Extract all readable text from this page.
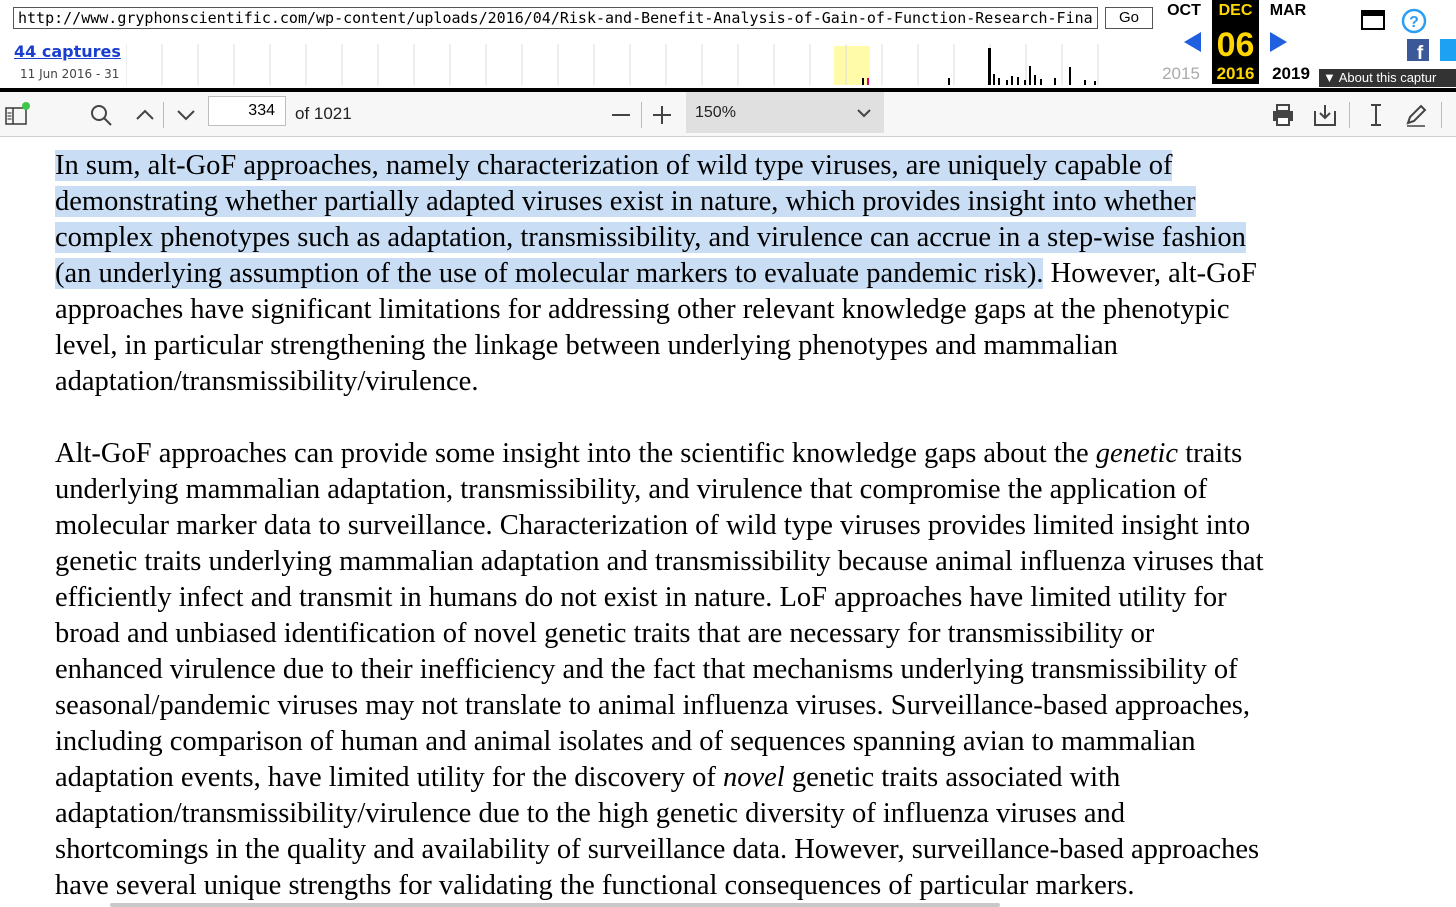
http://www.gryphonscientific.com/wp-content/uploads/2016/04/Risk-and-Benefit-Analysis-of-Gain-of-Function-Research-Fina	Go
44 captures
11 Jun 2016 - 31
OCT	DEC
06
MAR
2015 2016	2019
?
f
▼ About this captur
334	of 1021	150%
In sum, alt-GoF approaches, namely characterization of wild type viruses, are uniquely capable of
demonstrating whether partially adapted viruses exist in nature, which provides insight into whether
complex phenotypes such as adaptation, transmissibility, and virulence can accrue in a step-wise fashion
(an underlying assumption of the use of molecular markers to evaluate pandemic risk). However, alt-GoF
approaches have significant limitations for addressing other relevant knowledge gaps at the phenotypic
level, in particular strengthening the linkage between underlying phenotypes and mammalian
adaptation/transmissibility/virulence.
Alt-GoF approaches can provide some insight into the scientific knowledge gaps about the genetic traits
underlying mammalian adaptation, transmissibility, and virulence that compromise the application of
molecular marker data to surveillance. Characterization of wild type viruses provides limited insight into
genetic traits underlying mammalian adaptation and transmissibility because animal influenza viruses that
efficiently infect and transmit in humans do not exist in nature. LoF approaches have limited utility for
broad and unbiased identification of novel genetic traits that are necessary for transmissibility or
enhanced virulence due to their inefficiency and the fact that mechanisms underlying transmissibility of
seasonal/pandemic viruses may not translate to animal influenza viruses. Surveillance-based approaches,
including comparison of human and animal isolates and of sequences spanning avian to mammalian
adaptation events, have limited utility for the discovery of novel genetic traits associated with
adaptation/transmissibility/virulence due to the high genetic diversity of influenza viruses and
shortcomings in the quality and availability of surveillance data. However, surveillance-based approaches
have several unique strengths for validating the functional consequences of particular markers.
